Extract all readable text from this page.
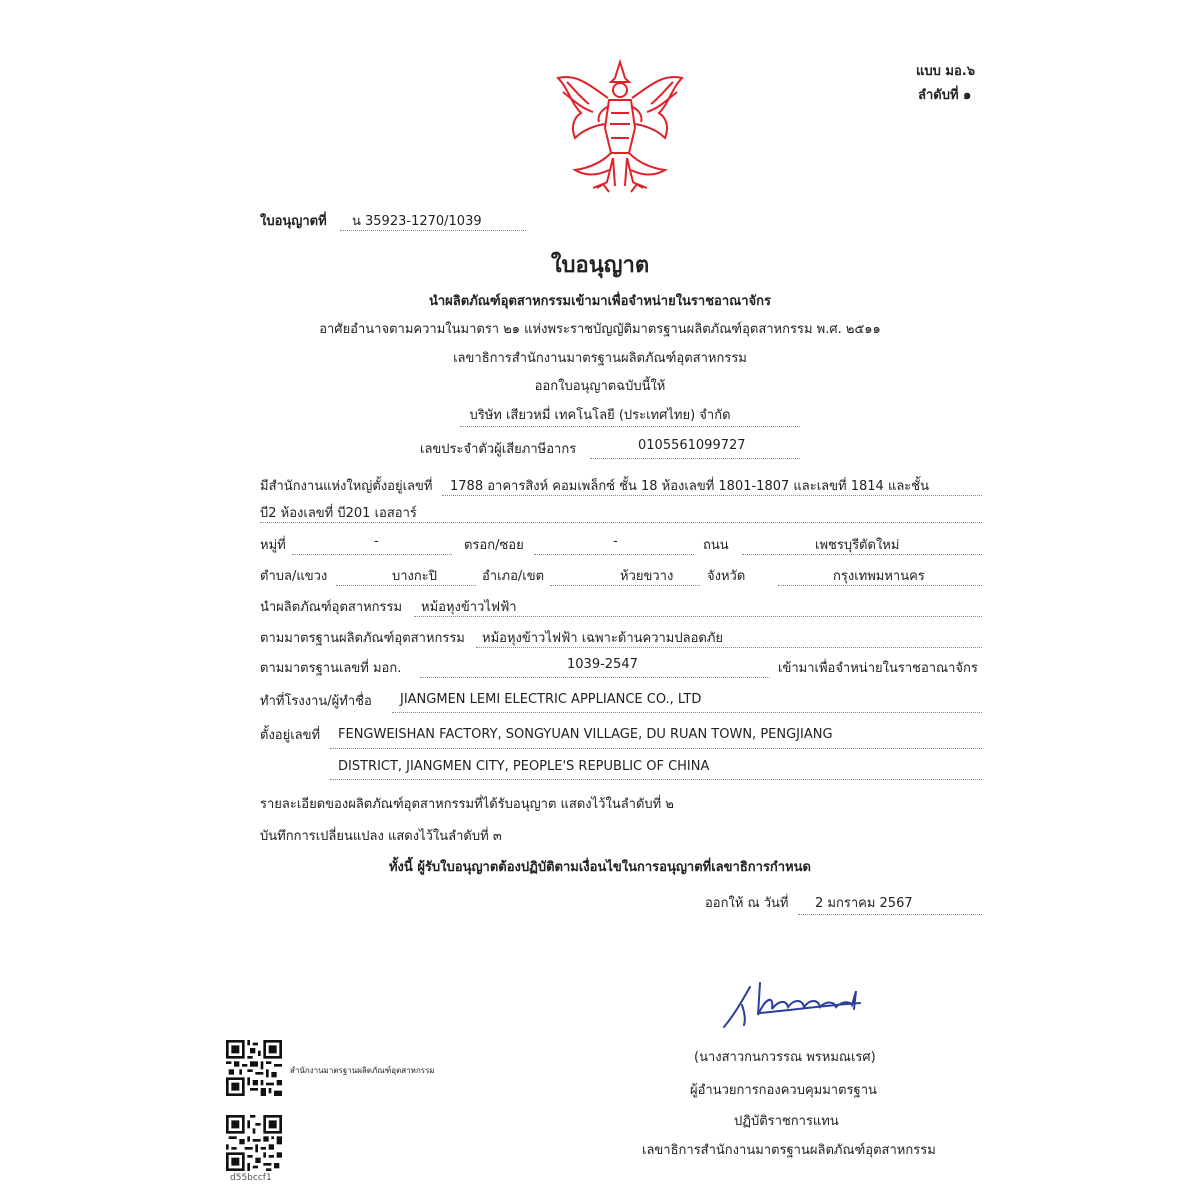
แบบ มอ.๖
ลำดับที่ ๑
ใบอนุญาตที่ น 35923-1270/1039
ใบอนุญาต
นำผลิตภัณฑ์อุตสาหกรรมเข้ามาเพื่อจำหน่ายในราชอาณาจักร
อาศัยอำนาจตามความในมาตรา ๒๑ แห่งพระราชบัญญัติมาตรฐานผลิตภัณฑ์อุตสาหกรรม พ.ศ. ๒๕๑๑
เลขาธิการสำนักงานมาตรฐานผลิตภัณฑ์อุตสาหกรรม
ออกใบอนุญาตฉบับนี้ให้
บริษัท เสียวหมี่ เทคโนโลยี (ประเทศไทย) จำกัด
เลขประจำตัวผู้เสียภาษีอากร	0105561099727
มีสำนักงานแห่งใหญ่ตั้งอยู่เลขที่ 1788 อาคารสิงห์ คอมเพล็กซ์ ชั้น 18 ห้องเลขที่ 1801-1807 และเลขที่ 1814 และชั้น
บี2 ห้องเลขที่ บี201 เอสอาร์
หมู่ที่	-	ตรอก/ซอย	-	ถนน	เพชรบุรีตัดใหม่
ตำบล/แขวง	บางกะปิ	อำเภอ/เขต	ห้วยขวาง	จังหวัด	กรุงเทพมหานคร
นำผลิตภัณฑ์อุตสาหกรรม หม้อหุงข้าวไฟฟ้า
ตามมาตรฐานผลิตภัณฑ์อุตสาหกรรม หม้อหุงข้าวไฟฟ้า เฉพาะด้านความปลอดภัย
ตามมาตรฐานเลขที่ มอก.	1039-2547	เข้ามาเพื่อจำหน่ายในราชอาณาจักร
ทำที่โรงงาน/ผู้ทำชื่อ JIANGMEN LEMI ELECTRIC APPLIANCE CO., LTD
ตั้งอยู่เลขที่ FENGWEISHAN FACTORY, SONGYUAN VILLAGE, DU RUAN TOWN, PENGJIANG
DISTRICT, JIANGMEN CITY, PEOPLE'S REPUBLIC OF CHINA
รายละเอียดของผลิตภัณฑ์อุตสาหกรรมที่ได้รับอนุญาต แสดงไว้ในลำดับที่ ๒
บันทึกการเปลี่ยนแปลง แสดงไว้ในลำดับที่ ๓
ทั้งนี้ ผู้รับใบอนุญาตต้องปฏิบัติตามเงื่อนไขในการอนุญาตที่เลขาธิการกำหนด
ออกให้ ณ วันที่ 2 มกราคม 2567
(นางสาวกนกวรรณ พรหมณเรศ)
ผู้อำนวยการกองควบคุมมาตรฐาน
ปฏิบัติราชการแทน
เลขาธิการสำนักงานมาตรฐานผลิตภัณฑ์อุตสาหกรรม
สำนักงานมาตรฐานผลิตภัณฑ์อุตสาหกรรม
d55bccf1
